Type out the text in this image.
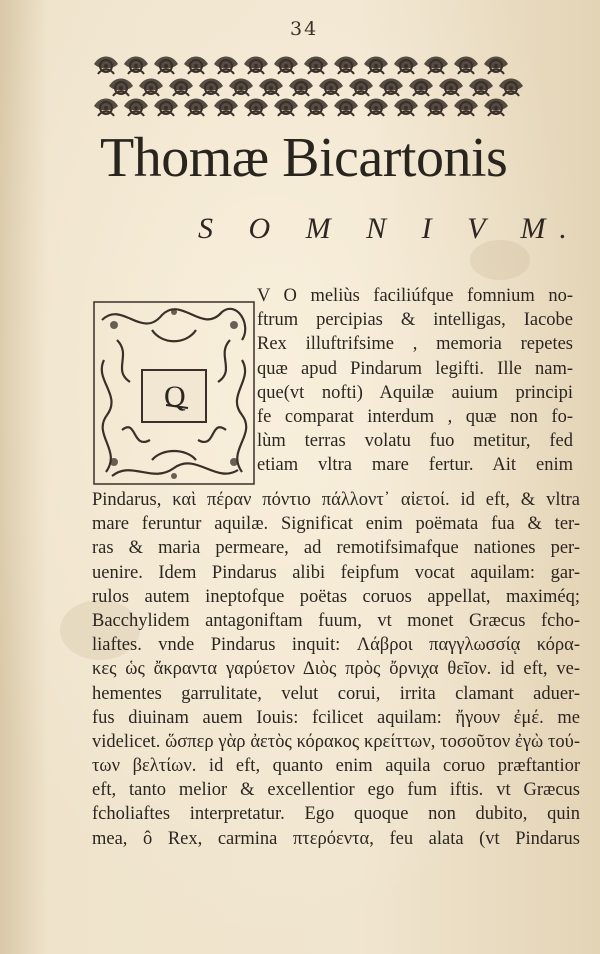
34
Thomæ Bicartonis
S O M N I V M.
Q
V O meliùs faciliúfque fomnium no-
ftrum percipias & intelligas, Iacobe
Rex illuftrifsime , memoria repetes
quæ apud Pindarum legifti. Ille nam-
que(vt nofti) Aquilæ auium principi
fe comparat interdum , quæ non fo-
lùm terras volatu fuo metitur, fed
etiam vltra mare fertur. Ait enim
Pindarus, καὶ πέραν πόντιο πάλλοντ᾽ αἰετοί. id eft, & vltra
mare feruntur aquilæ. Significat enim poëmata fua & ter-
ras & maria permeare, ad remotifsimafque nationes per-
uenire. Idem Pindarus alibi feipfum vocat aquilam: gar-
rulos autem ineptofque poëtas coruos appellat, maximéq;
Bacchylidem antagoniftam fuum, vt monet Græcus fcho-
liaftes. vnde Pindarus inquit: Λάβροι παγγλωσσίᾳ κόρα-
κες ὡς ἄκραντα γαρύετον Διὸς πρὸς ὄρνιχα θεῖον. id eft, ve-
hementes garrulitate, velut corui, irrita clamant aduer-
fus diuinam auem Iouis: fcilicet aquilam: ἤγουν ἐμέ. me
videlicet. ὥσπερ γὰρ ἀετὸς κόρακος κρείττων, τοσοῦτον ἐγὼ τού-
των βελτίων. id eft, quanto enim aquila coruo præftantior
eft, tanto melior & excellentior ego fum iftis. vt Græcus
fcholiaftes interpretatur. Ego quoque non dubito, quin
mea, ô Rex, carmina πτερόεντα, feu alata (vt Pindarus
